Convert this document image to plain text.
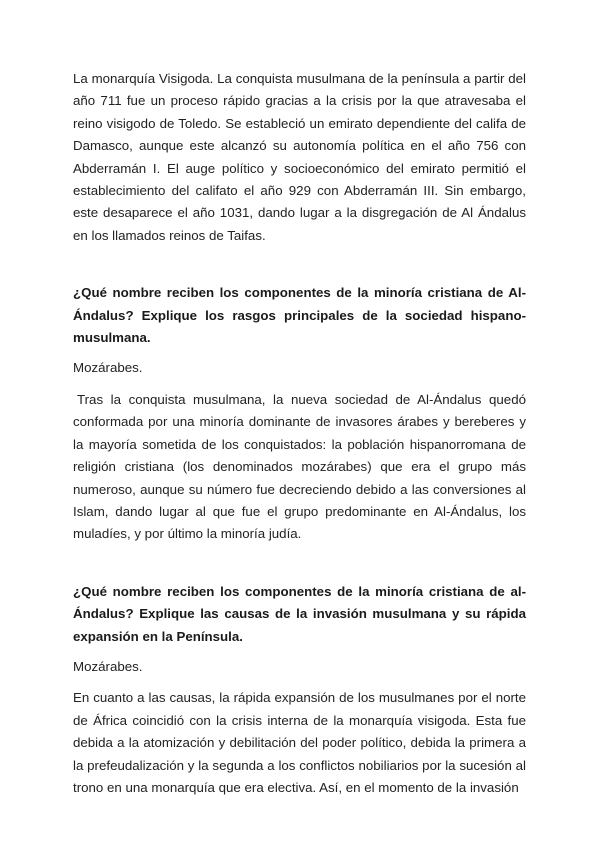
La monarquía Visigoda. La conquista musulmana de la península a partir del año 711 fue un proceso rápido gracias a la crisis por la que atravesaba el reino visigodo de Toledo. Se estableció un emirato dependiente del califa de Damasco, aunque este alcanzó su autonomía política en el año 756 con Abderramán I. El auge político y socioeconómico del emirato permitió el establecimiento del califato el año 929 con Abderramán III. Sin embargo, este desaparece el año 1031, dando lugar a la disgregación de Al Ándalus en los llamados reinos de Taifas.

¿Qué nombre reciben los componentes de la minoría cristiana de Al-Ándalus? Explique los rasgos principales de la sociedad hispano-musulmana.

Mozárabes.

Tras la conquista musulmana, la nueva sociedad de Al-Ándalus quedó conformada por una minoría dominante de invasores árabes y bereberes y la mayoría sometida de los conquistados: la población hispanorromana de religión cristiana (los denominados mozárabes) que era el grupo más numeroso, aunque su número fue decreciendo debido a las conversiones al Islam, dando lugar al que fue el grupo predominante en Al-Ándalus, los muladíes, y por último la minoría judía.

¿Qué nombre reciben los componentes de la minoría cristiana de al-Ándalus? Explique las causas de la invasión musulmana y su rápida expansión en la Península.

Mozárabes.

En cuanto a las causas, la rápida expansión de los musulmanes por el norte de África coincidió con la crisis interna de la monarquía visigoda. Esta fue debida a la atomización y debilitación del poder político, debida la primera a la prefeudalización y la segunda a los conflictos nobiliarios por la sucesión al trono en una monarquía que era electiva. Así, en el momento de la invasión
